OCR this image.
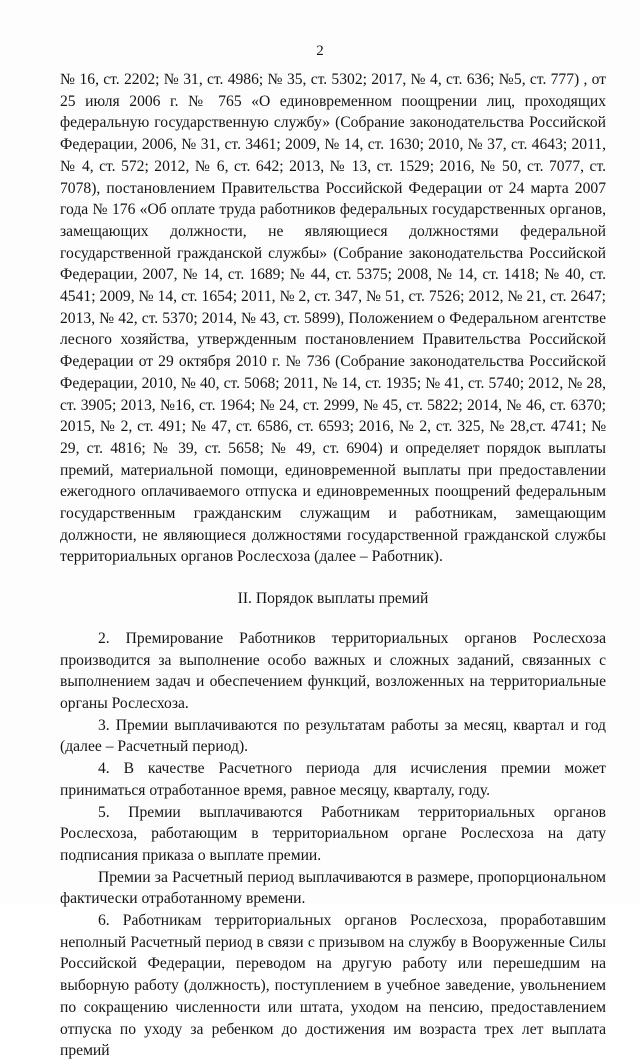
2

№ 16, ст. 2202; № 31, ст. 4986; № 35, ст. 5302; 2017, № 4, ст. 636; №5, ст. 777) , от 25 июля 2006 г. № 765 «О единовременном поощрении лиц, проходящих федеральную государственную службу» (Собрание законодательства Российской Федерации, 2006, № 31, ст. 3461; 2009, № 14, ст. 1630; 2010, № 37, ст. 4643; 2011, № 4, ст. 572; 2012, № 6, ст. 642; 2013, № 13, ст. 1529; 2016, № 50, ст. 7077, ст. 7078), постановлением Правительства Российской Федерации от 24 марта 2007 года № 176 «Об оплате труда работников федеральных государственных органов, замещающих должности, не являющиеся должностями федеральной государственной гражданской службы» (Собрание законодательства Российской Федерации, 2007, № 14, ст. 1689; № 44, ст. 5375; 2008, № 14, ст. 1418; № 40, ст. 4541; 2009, № 14, ст. 1654; 2011, № 2, ст. 347, № 51, ст. 7526; 2012, № 21, ст. 2647; 2013, № 42, ст. 5370; 2014, № 43, ст. 5899), Положением о Федеральном агентстве лесного хозяйства, утвержденным постановлением Правительства Российской Федерации от 29 октября 2010 г. № 736 (Собрание законодательства Российской Федерации, 2010, № 40, ст. 5068; 2011, № 14, ст. 1935; № 41, ст. 5740; 2012, № 28, ст. 3905; 2013, №16, ст. 1964; № 24, ст. 2999, № 45, ст. 5822; 2014, № 46, ст. 6370; 2015, № 2, ст. 491; № 47, ст. 6586, ст. 6593; 2016, № 2, ст. 325, № 28,ст. 4741; № 29, ст. 4816; № 39, ст. 5658; № 49, ст. 6904) и определяет порядок выплаты премий, материальной помощи, единовременной выплаты при предоставлении ежегодного оплачиваемого отпуска и единовременных поощрений федеральным государственным гражданским служащим и работникам, замещающим должности, не являющиеся должностями государственной гражданской службы территориальных органов Рослесхоза (далее – Работник).

II. Порядок выплаты премий

2. Премирование Работников территориальных органов Рослесхоза производится за выполнение особо важных и сложных заданий, связанных с выполнением задач и обеспечением функций, возложенных на территориальные органы Рослесхоза.

3. Премии выплачиваются по результатам работы за месяц, квартал и год (далее – Расчетный период).

4. В качестве Расчетного периода для исчисления премии может приниматься отработанное время, равное месяцу, кварталу, году.

5. Премии выплачиваются Работникам территориальных органов Рослесхоза, работающим в территориальном органе Рослесхоза на дату подписания приказа о выплате премии.

Премии за Расчетный период выплачиваются в размере, пропорциональном фактически отработанному времени.

6. Работникам территориальных органов Рослесхоза, проработавшим неполный Расчетный период в связи с призывом на службу в Вооруженные Силы Российской Федерации, переводом на другую работу или перешедшим на выборную работу (должность), поступлением в учебное заведение, увольнением по сокращению численности или штата, уходом на пенсию, предоставлением отпуска по уходу за ребенком до достижения им возраста трех лет выплата премий
